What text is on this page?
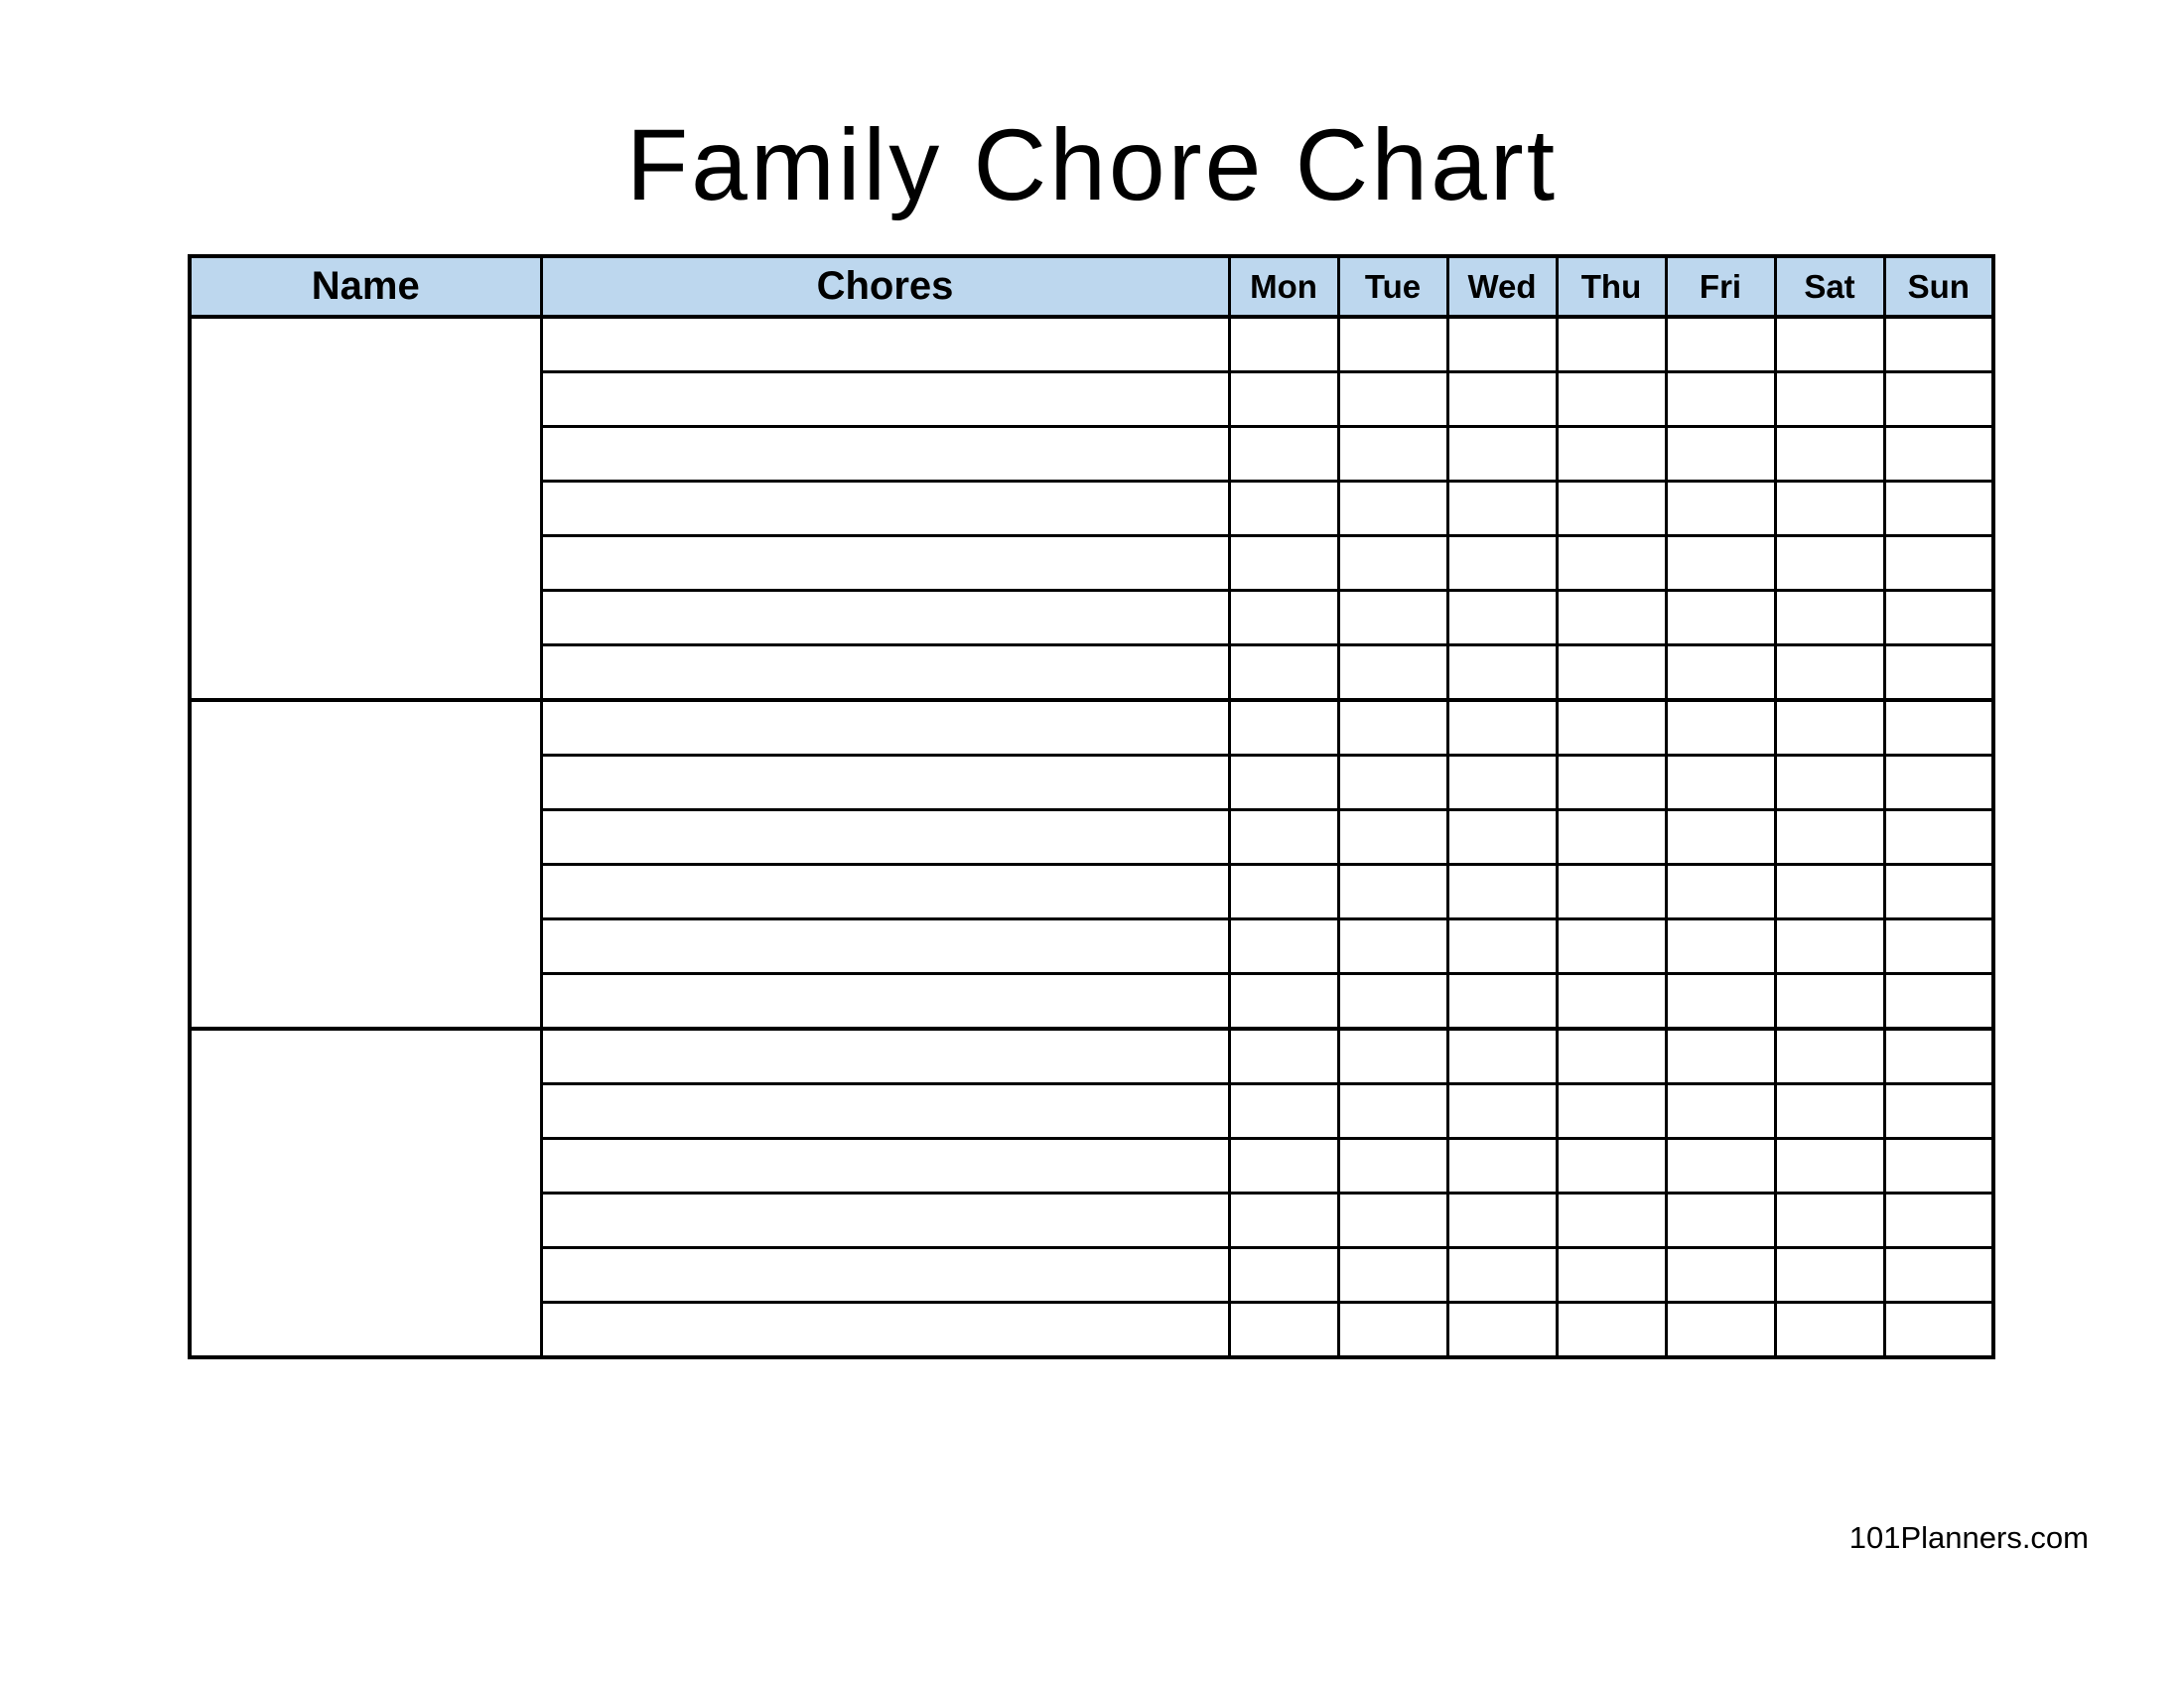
Family Chore Chart
Name	Chores	Mon	Tue	Wed	Thu	Fri	Sat	Sun

101Planners.com
